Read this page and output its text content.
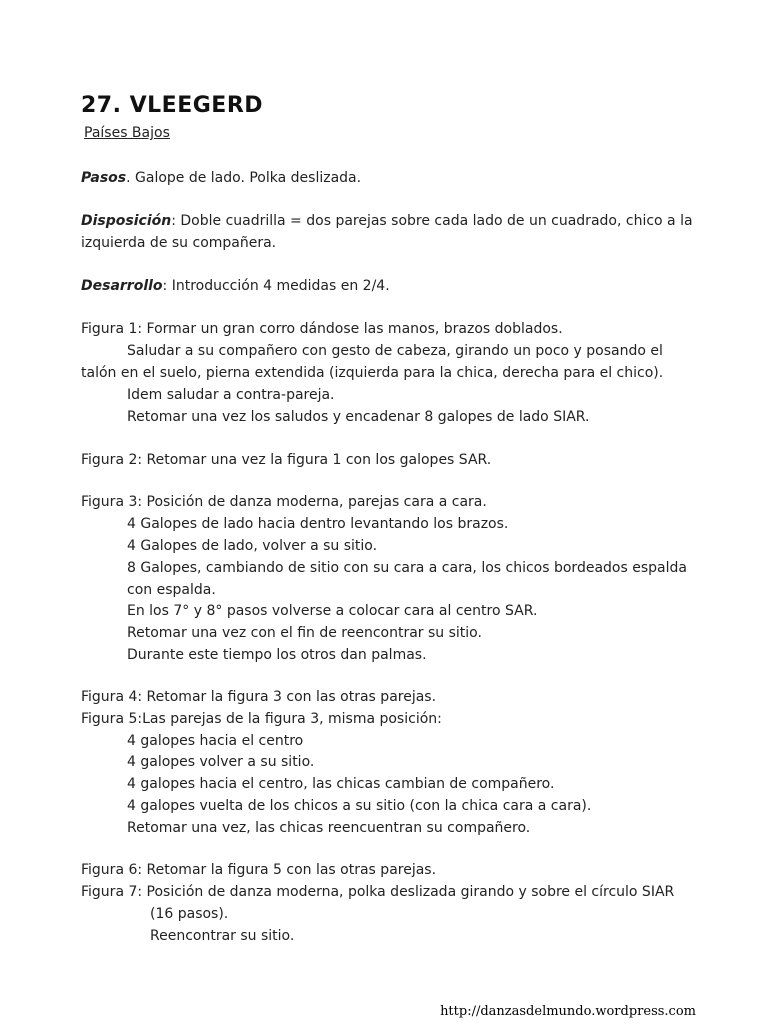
27. VLEEGERD
Países Bajos
Pasos. Galope de lado. Polka deslizada.
Disposición: Doble cuadrilla = dos parejas sobre cada lado de un cuadrado, chico a la
izquierda de su compañera.
Desarrollo: Introducción 4 medidas en 2/4.
Figura 1: Formar un gran corro dándose las manos, brazos doblados.
Saludar a su compañero con gesto de cabeza, girando un poco y posando el
talón en el suelo, pierna extendida (izquierda para la chica, derecha para el chico).
Idem saludar a contra-pareja.
Retomar una vez los saludos y encadenar 8 galopes de lado SIAR.
Figura 2: Retomar una vez la figura 1 con los galopes SAR.
Figura 3: Posición de danza moderna, parejas cara a cara.
4 Galopes de lado hacia dentro levantando los brazos.
4 Galopes de lado, volver a su sitio.
8 Galopes, cambiando de sitio con su cara a cara, los chicos bordeados espalda
con espalda.
En los 7° y 8° pasos volverse a colocar cara al centro SAR.
Retomar una vez con el fin de reencontrar su sitio.
Durante este tiempo los otros dan palmas.
Figura 4: Retomar la figura 3 con las otras parejas.
Figura 5:Las parejas de la figura 3, misma posición:
4 galopes hacia el centro
4 galopes volver a su sitio.
4 galopes hacia el centro, las chicas cambian de compañero.
4 galopes vuelta de los chicos a su sitio (con la chica cara a cara).
Retomar una vez, las chicas reencuentran su compañero.
Figura 6: Retomar la figura 5 con las otras parejas.
Figura 7: Posición de danza moderna, polka deslizada girando y sobre el círculo SIAR
(16 pasos).
Reencontrar su sitio.
http://danzasdelmundo.wordpress.com
